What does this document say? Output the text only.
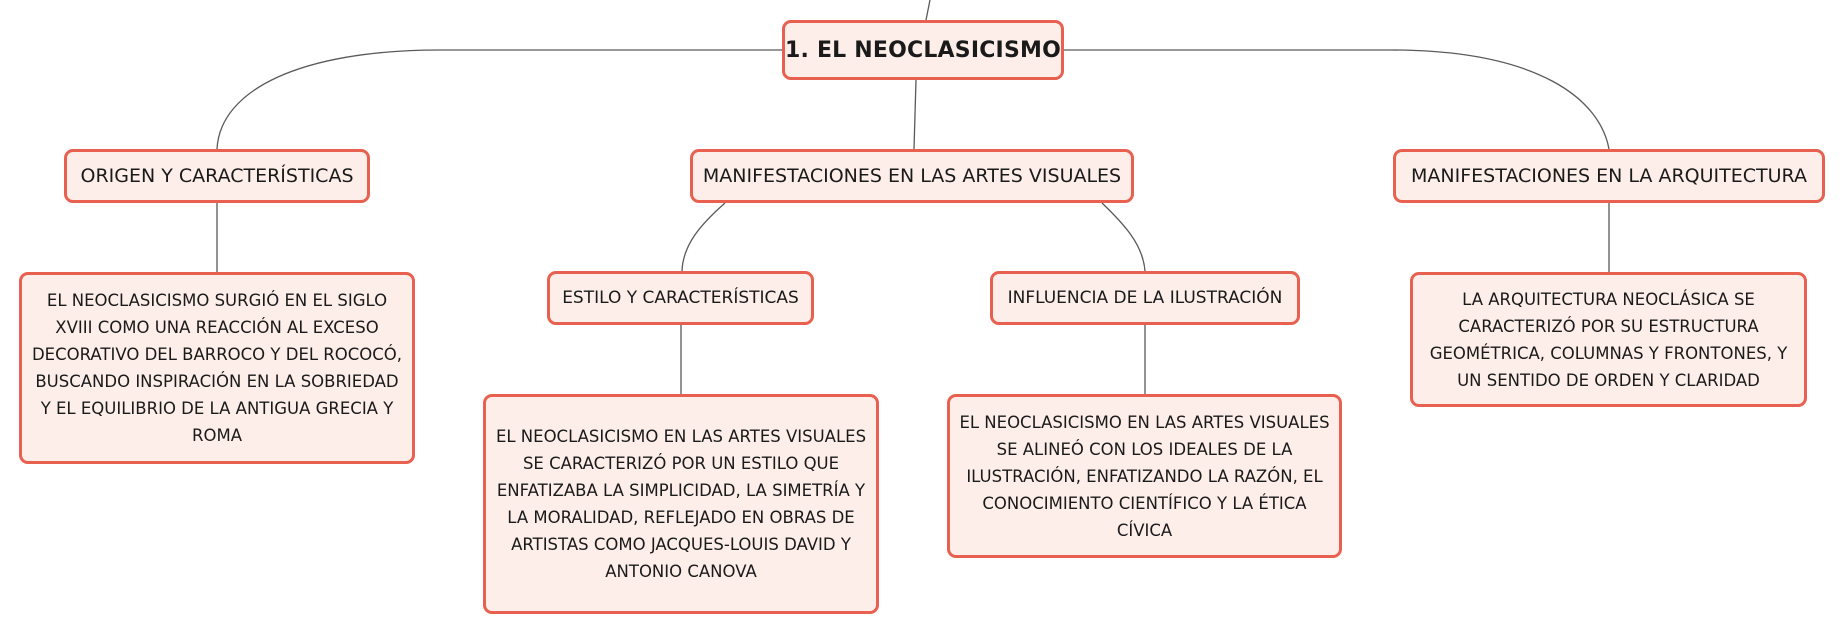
1. EL NEOCLASICISMO
ORIGEN Y CARACTERÍSTICAS	MANIFESTACIONES EN LAS ARTES VISUALES	MANIFESTACIONES EN LA ARQUITECTURA
ESTILO Y CARACTERÍSTICAS	INFLUENCIA DE LA ILUSTRACIÓN
EL NEOCLASICISMO SURGIÓ EN EL SIGLO XVIII COMO UNA REACCIÓN AL EXCESO DECORATIVO DEL BARROCO Y DEL ROCOCÓ, BUSCANDO INSPIRACIÓN EN LA SOBRIEDAD Y EL EQUILIBRIO DE LA ANTIGUA GRECIA Y ROMA	EL NEOCLASICISMO EN LAS ARTES VISUALES SE CARACTERIZÓ POR UN ESTILO QUE ENFATIZABA LA SIMPLICIDAD, LA SIMETRÍA Y LA MORALIDAD, REFLEJADO EN OBRAS DE ARTISTAS COMO JACQUES-LOUIS DAVID Y ANTONIO CANOVA
EL NEOCLASICISMO EN LAS ARTES VISUALES SE ALINEÓ CON LOS IDEALES DE LA ILUSTRACIÓN, ENFATIZANDO LA RAZÓN, EL CONOCIMIENTO CIENTÍFICO Y LA ÉTICA CÍVICA
LA ARQUITECTURA NEOCLÁSICA SE CARACTERIZÓ POR SU ESTRUCTURA GEOMÉTRICA, COLUMNAS Y FRONTONES, Y UN SENTIDO DE ORDEN Y CLARIDAD
